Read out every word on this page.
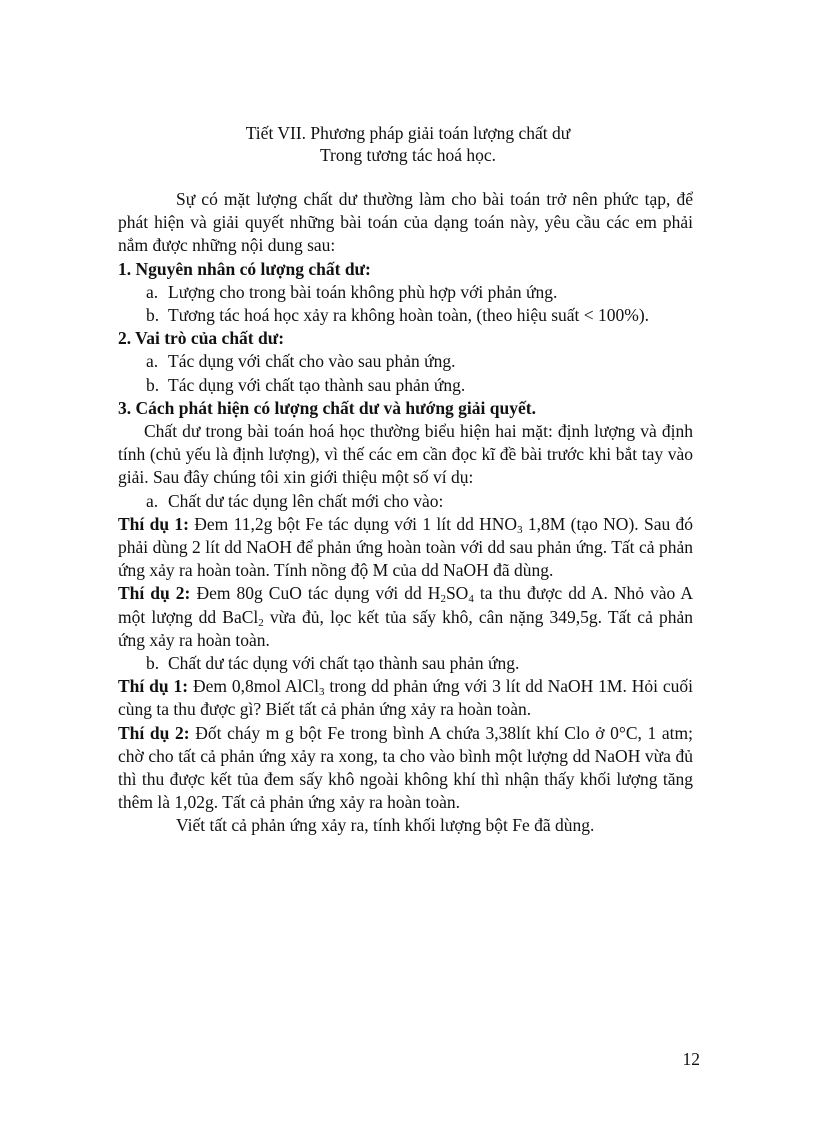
Tiết VII. Phương pháp giải toán lượng chất dư
Trong tương tác hoá học.

Sự có mặt lượng chất dư thường làm cho bài toán trở nên phức tạp, để phát hiện và giải quyết những bài toán của dạng toán này, yêu cầu các em phải nắm được những nội dung sau:

1. Nguyên nhân có lượng chất dư:

a. Lượng cho trong bài toán không phù hợp với phản ứng.

b. Tương tác hoá học xảy ra không hoàn toàn, (theo hiệu suất < 100%).

2. Vai trò của chất dư:

a. Tác dụng với chất cho vào sau phản ứng.

b. Tác dụng với chất tạo thành sau phản ứng.

3. Cách phát hiện có lượng chất dư và hướng giải quyết.

Chất dư trong bài toán hoá học thường biểu hiện hai mặt: định lượng và định tính (chủ yếu là định lượng), vì thế các em cần đọc kĩ đề bài trước khi bắt tay vào giải. Sau đây chúng tôi xin giới thiệu một số ví dụ:

a. Chất dư tác dụng lên chất mới cho vào:

Thí dụ 1: Đem 11,2g bột Fe tác dụng với 1 lít dd $HNO_3$ 1,8M (tạo NO). Sau đó phải dùng 2 lít dd NaOH để phản ứng hoàn toàn với dd sau phản ứng. Tất cả phản ứng xảy ra hoàn toàn. Tính nồng độ M của dd NaOH đã dùng.

Thí dụ 2: Đem 80g CuO tác dụng với dd $H_2SO_4$ ta thu được dd A. Nhỏ vào A một lượng dd BaCl$_2$ vừa đủ, lọc kết tủa sấy khô, cân nặng 349,5g. Tất cả phản ứng xảy ra hoàn toàn.

b. Chất dư tác dụng với chất tạo thành sau phản ứng.

Thí dụ 1: Đem 0,8mol AlCl$_3$ trong dd phản ứng với 3 lít dd NaOH 1M. Hỏi cuối cùng ta thu được gì? Biết tất cả phản ứng xảy ra hoàn toàn.

Thí dụ 2: Đốt cháy m g bột Fe trong bình A chứa 3,38lít khí Clo ở 0°C, 1 atm; chờ cho tất cả phản ứng xảy ra xong, ta cho vào bình một lượng dd NaOH vừa đủ thì thu được kết tủa đem sấy khô ngoài không khí thì nhận thấy khối lượng tăng thêm là 1,02g. Tất cả phản ứng xảy ra hoàn toàn.

Viết tất cả phản ứng xảy ra, tính khối lượng bột Fe đã dùng.

12
